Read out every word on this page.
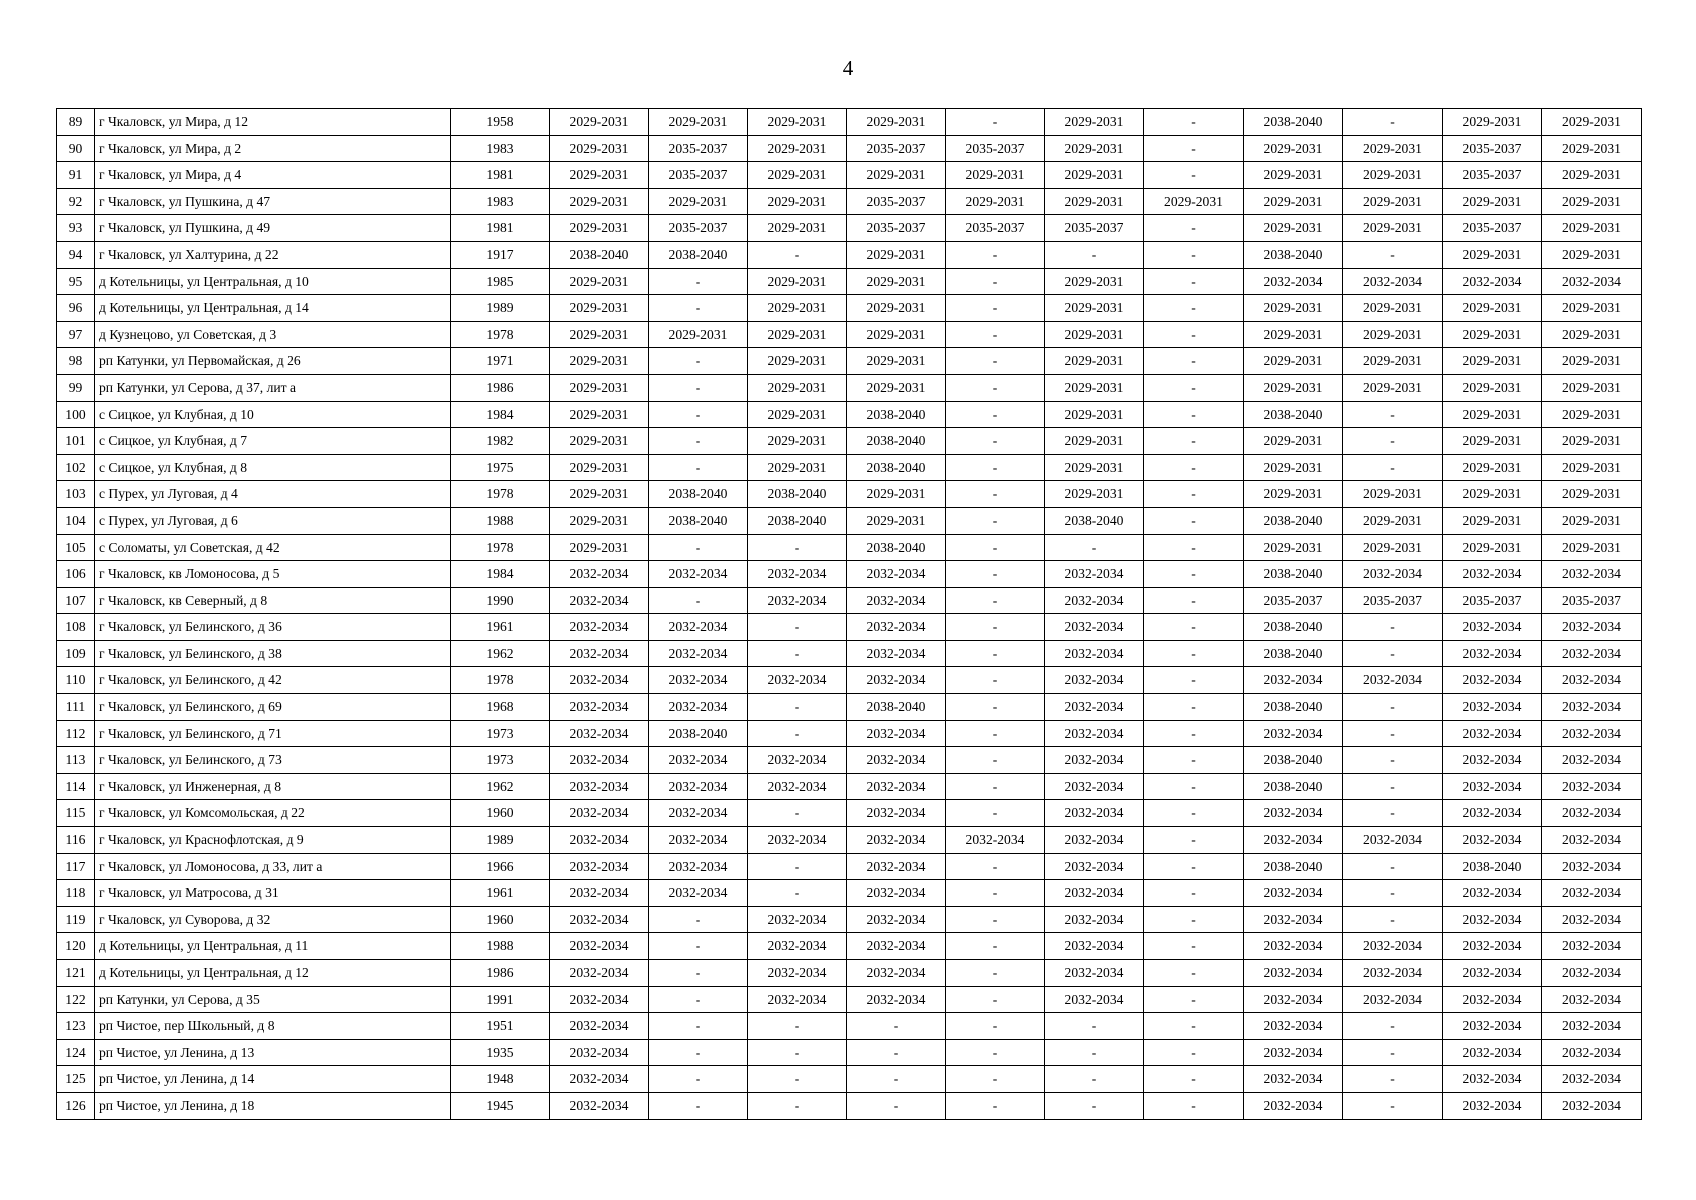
4
89	г Чкаловск, ул Мира, д 12	1958	2029-2031	2029-2031	2029-2031	2029-2031	-	2029-2031	-	2038-2040	-	2029-2031	2029-2031
90	г Чкаловск, ул Мира, д 2	1983	2029-2031	2035-2037	2029-2031	2035-2037	2035-2037	2029-2031	-	2029-2031	2029-2031	2035-2037	2029-2031
91	г Чкаловск, ул Мира, д 4	1981	2029-2031	2035-2037	2029-2031	2029-2031	2029-2031	2029-2031	-	2029-2031	2029-2031	2035-2037	2029-2031
92	г Чкаловск, ул Пушкина, д 47	1983	2029-2031	2029-2031	2029-2031	2035-2037	2029-2031	2029-2031	2029-2031	2029-2031	2029-2031	2029-2031	2029-2031
93	г Чкаловск, ул Пушкина, д 49	1981	2029-2031	2035-2037	2029-2031	2035-2037	2035-2037	2035-2037	-	2029-2031	2029-2031	2035-2037	2029-2031
94	г Чкаловск, ул Халтурина, д 22	1917	2038-2040	2038-2040	-	2029-2031	-	-	-	2038-2040	-	2029-2031	2029-2031
95	д Котельницы, ул Центральная, д 10	1985	2029-2031	-	2029-2031	2029-2031	-	2029-2031	-	2032-2034	2032-2034	2032-2034	2032-2034
96	д Котельницы, ул Центральная, д 14	1989	2029-2031	-	2029-2031	2029-2031	-	2029-2031	-	2029-2031	2029-2031	2029-2031	2029-2031
97	д Кузнецово, ул Советская, д 3	1978	2029-2031	2029-2031	2029-2031	2029-2031	-	2029-2031	-	2029-2031	2029-2031	2029-2031	2029-2031
98	рп Катунки, ул Первомайская, д 26	1971	2029-2031	-	2029-2031	2029-2031	-	2029-2031	-	2029-2031	2029-2031	2029-2031	2029-2031
99	рп Катунки, ул Серова, д 37, лит а	1986	2029-2031	-	2029-2031	2029-2031	-	2029-2031	-	2029-2031	2029-2031	2029-2031	2029-2031
100	с Сицкое, ул Клубная, д 10	1984	2029-2031	-	2029-2031	2038-2040	-	2029-2031	-	2038-2040	-	2029-2031	2029-2031
101	с Сицкое, ул Клубная, д 7	1982	2029-2031	-	2029-2031	2038-2040	-	2029-2031	-	2029-2031	-	2029-2031	2029-2031
102	с Сицкое, ул Клубная, д 8	1975	2029-2031	-	2029-2031	2038-2040	-	2029-2031	-	2029-2031	-	2029-2031	2029-2031
103	с Пурех, ул Луговая, д 4	1978	2029-2031	2038-2040	2038-2040	2029-2031	-	2029-2031	-	2029-2031	2029-2031	2029-2031	2029-2031
104	с Пурех, ул Луговая, д 6	1988	2029-2031	2038-2040	2038-2040	2029-2031	-	2038-2040	-	2038-2040	2029-2031	2029-2031	2029-2031
105	с Соломаты, ул Советская, д 42	1978	2029-2031	-	-	2038-2040	-	-	-	2029-2031	2029-2031	2029-2031	2029-2031
106	г Чкаловск, кв Ломоносова, д 5	1984	2032-2034	2032-2034	2032-2034	2032-2034	-	2032-2034	-	2038-2040	2032-2034	2032-2034	2032-2034
107	г Чкаловск, кв Северный, д 8	1990	2032-2034	-	2032-2034	2032-2034	-	2032-2034	-	2035-2037	2035-2037	2035-2037	2035-2037
108	г Чкаловск, ул Белинского, д 36	1961	2032-2034	2032-2034	-	2032-2034	-	2032-2034	-	2038-2040	-	2032-2034	2032-2034
109	г Чкаловск, ул Белинского, д 38	1962	2032-2034	2032-2034	-	2032-2034	-	2032-2034	-	2038-2040	-	2032-2034	2032-2034
110	г Чкаловск, ул Белинского, д 42	1978	2032-2034	2032-2034	2032-2034	2032-2034	-	2032-2034	-	2032-2034	2032-2034	2032-2034	2032-2034
111	г Чкаловск, ул Белинского, д 69	1968	2032-2034	2032-2034	-	2038-2040	-	2032-2034	-	2038-2040	-	2032-2034	2032-2034
112	г Чкаловск, ул Белинского, д 71	1973	2032-2034	2038-2040	-	2032-2034	-	2032-2034	-	2032-2034	-	2032-2034	2032-2034
113	г Чкаловск, ул Белинского, д 73	1973	2032-2034	2032-2034	2032-2034	2032-2034	-	2032-2034	-	2038-2040	-	2032-2034	2032-2034
114	г Чкаловск, ул Инженерная, д 8	1962	2032-2034	2032-2034	2032-2034	2032-2034	-	2032-2034	-	2038-2040	-	2032-2034	2032-2034
115	г Чкаловск, ул Комсомольская, д 22	1960	2032-2034	2032-2034	-	2032-2034	-	2032-2034	-	2032-2034	-	2032-2034	2032-2034
116	г Чкаловск, ул Краснофлотская, д 9	1989	2032-2034	2032-2034	2032-2034	2032-2034	2032-2034	2032-2034	-	2032-2034	2032-2034	2032-2034	2032-2034
117	г Чкаловск, ул Ломоносова, д 33, лит а	1966	2032-2034	2032-2034	-	2032-2034	-	2032-2034	-	2038-2040	-	2038-2040	2032-2034
118	г Чкаловск, ул Матросова, д 31	1961	2032-2034	2032-2034	-	2032-2034	-	2032-2034	-	2032-2034	-	2032-2034	2032-2034
119	г Чкаловск, ул Суворова, д 32	1960	2032-2034	-	2032-2034	2032-2034	-	2032-2034	-	2032-2034	-	2032-2034	2032-2034
120	д Котельницы, ул Центральная, д 11	1988	2032-2034	-	2032-2034	2032-2034	-	2032-2034	-	2032-2034	2032-2034	2032-2034	2032-2034
121	д Котельницы, ул Центральная, д 12	1986	2032-2034	-	2032-2034	2032-2034	-	2032-2034	-	2032-2034	2032-2034	2032-2034	2032-2034
122	рп Катунки, ул Серова, д 35	1991	2032-2034	-	2032-2034	2032-2034	-	2032-2034	-	2032-2034	2032-2034	2032-2034	2032-2034
123	рп Чистое, пер Школьный, д 8	1951	2032-2034	-	-	-	-	-	-	2032-2034	-	2032-2034	2032-2034
124	рп Чистое, ул Ленина, д 13	1935	2032-2034	-	-	-	-	-	-	2032-2034	-	2032-2034	2032-2034
125	рп Чистое, ул Ленина, д 14	1948	2032-2034	-	-	-	-	-	-	2032-2034	-	2032-2034	2032-2034
126	рп Чистое, ул Ленина, д 18	1945	2032-2034	-	-	-	-	-	-	2032-2034	-	2032-2034	2032-2034
